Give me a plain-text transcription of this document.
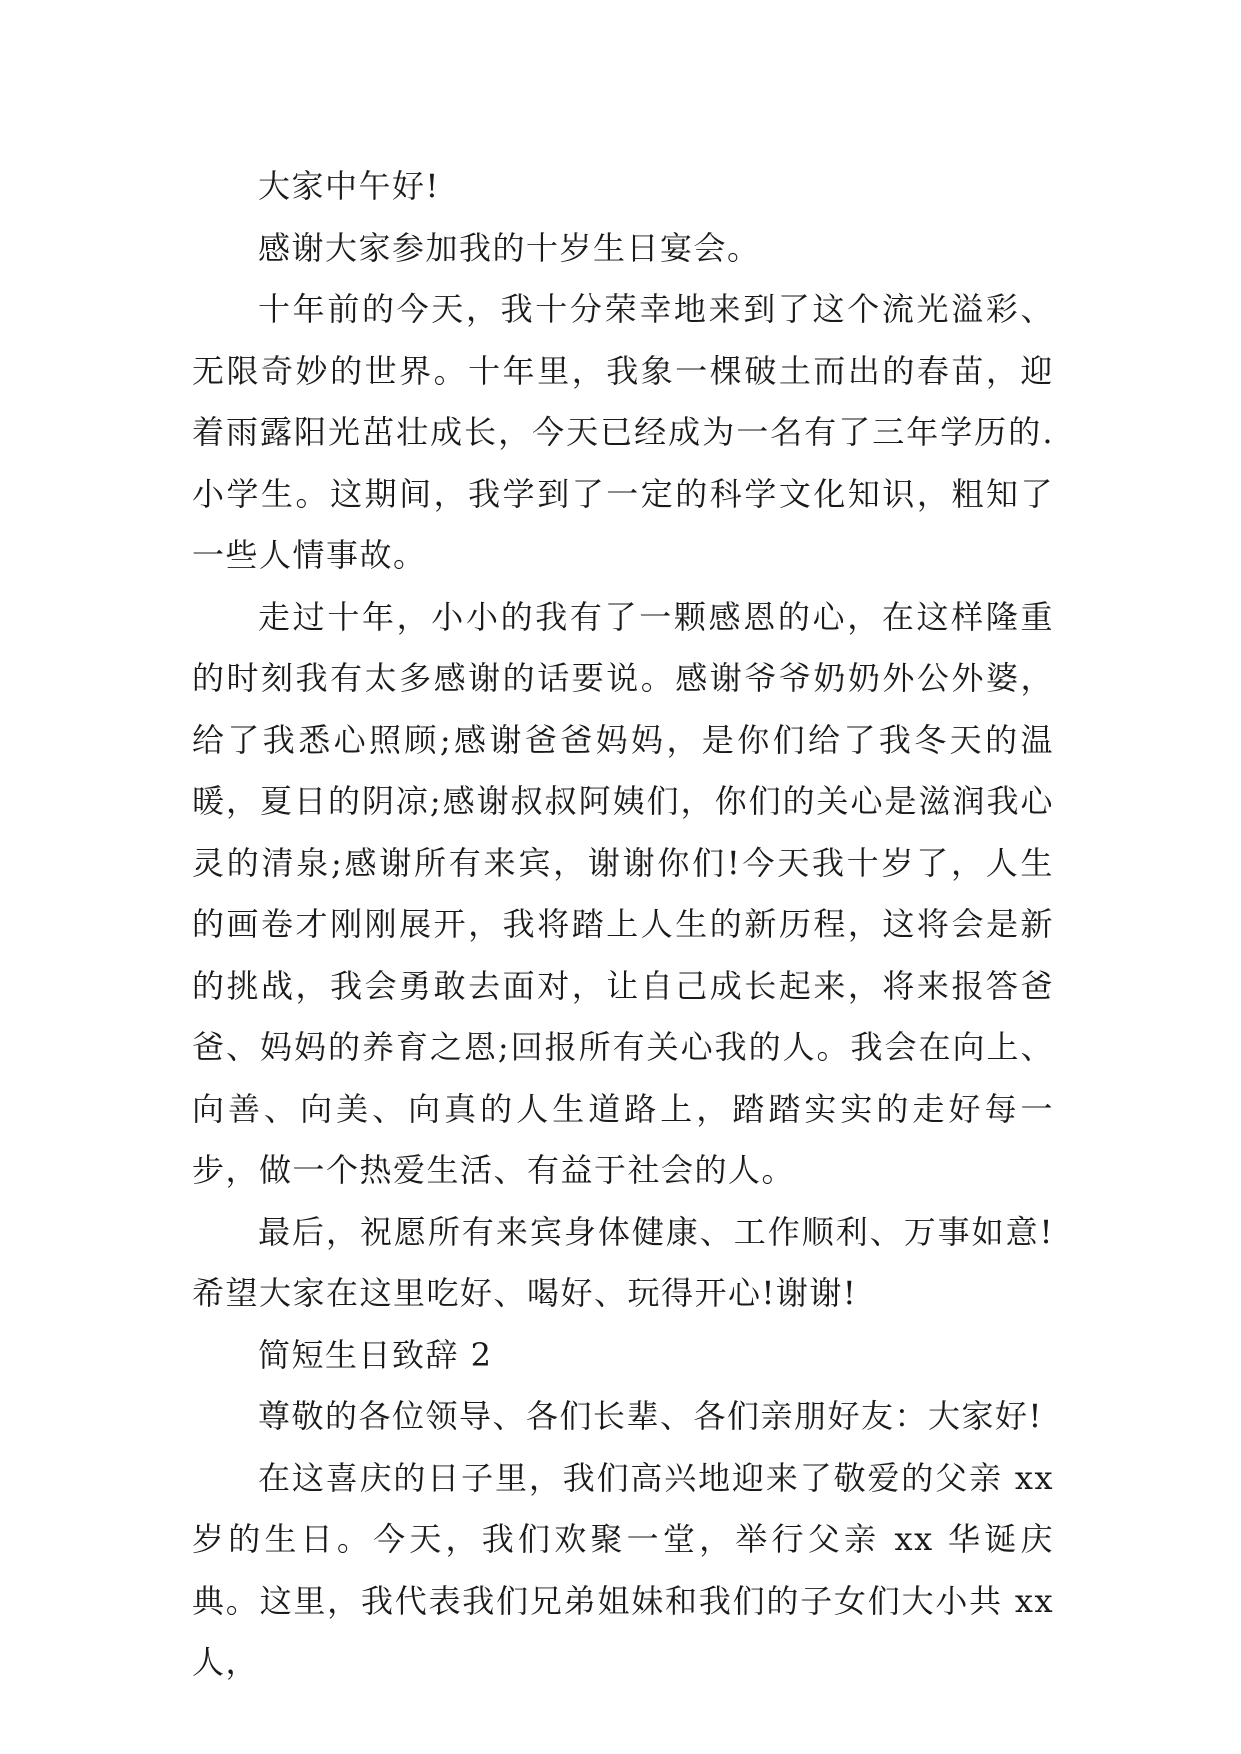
大家中午好!

感谢大家参加我的十岁生日宴会。

十年前的今天，我十分荣幸地来到了这个流光溢彩、无限奇妙的世界。十年里，我象一棵破土而出的春苗，迎着雨露阳光茁壮成长，今天已经成为一名有了三年学历的.小学生。这期间，我学到了一定的科学文化知识，粗知了一些人情事故。

走过十年，小小的我有了一颗感恩的心，在这样隆重的时刻我有太多感谢的话要说。感谢爷爷奶奶外公外婆，给了我悉心照顾;感谢爸爸妈妈，是你们给了我冬天的温暖，夏日的阴凉;感谢叔叔阿姨们，你们的关心是滋润我心灵的清泉;感谢所有来宾，谢谢你们!今天我十岁了，人生的画卷才刚刚展开，我将踏上人生的新历程，这将会是新的挑战，我会勇敢去面对，让自己成长起来，将来报答爸爸、妈妈的养育之恩;回报所有关心我的人。我会在向上、向善、向美、向真的人生道路上，踏踏实实的走好每一步，做一个热爱生活、有益于社会的人。

最后，祝愿所有来宾身体健康、工作顺利、万事如意!希望大家在这里吃好、喝好、玩得开心!谢谢!

简短生日致辞 2

尊敬的各位领导、各们长辈、各们亲朋好友：大家好!

在这喜庆的日子里，我们高兴地迎来了敬爱的父亲 xx 岁的生日。今天，我们欢聚一堂，举行父亲 xx 华诞庆典。这里，我代表我们兄弟姐妹和我们的子女们大小共 xx 人，
